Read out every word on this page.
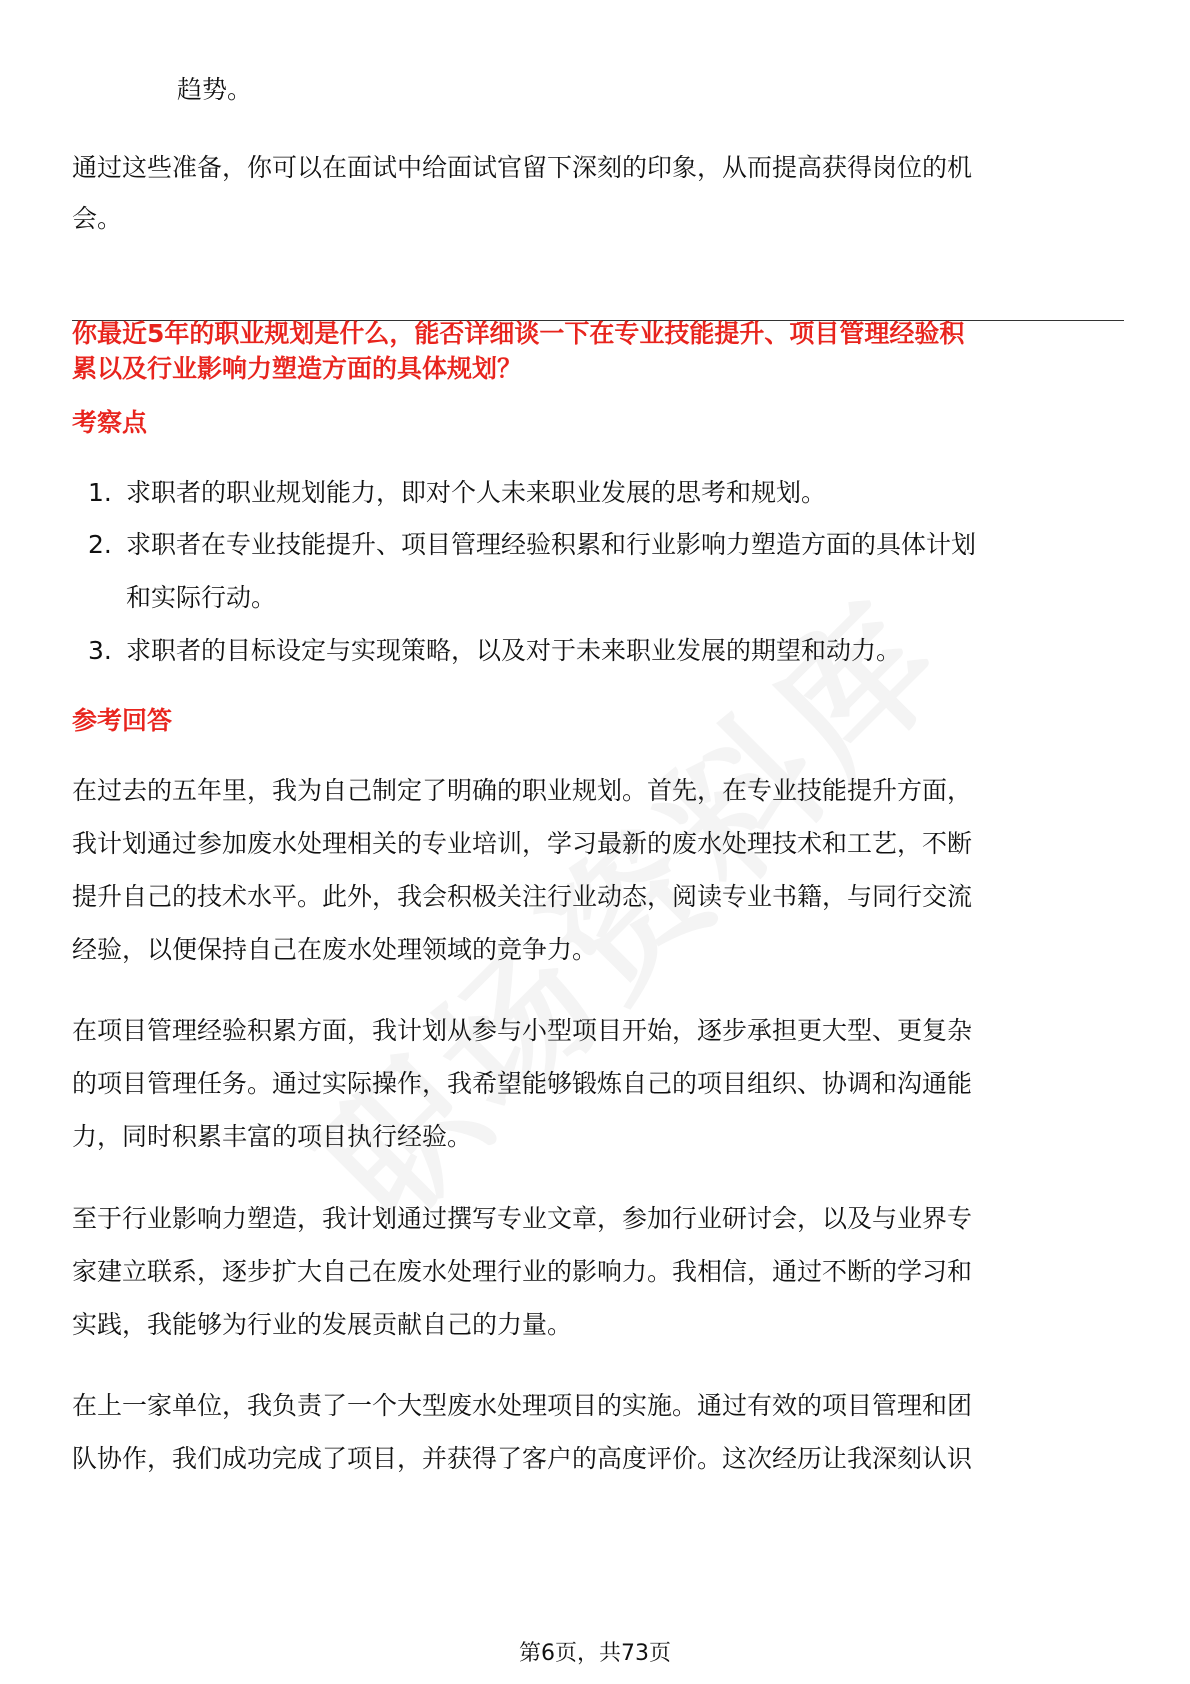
趋势。
通过这些准备，你可以在面试中给面试官留下深刻的印象，从而提高获得岗位的机
会。
你最近5年的职业规划是什么，能否详细谈一下在专业技能提升、项目管理经验积
累以及行业影响力塑造方面的具体规划？
考察点
1. 求职者的职业规划能力，即对个人未来职业发展的思考和规划。
2. 求职者在专业技能提升、项目管理经验积累和行业影响力塑造方面的具体计划
和实际行动。
3. 求职者的目标设定与实现策略，以及对于未来职业发展的期望和动力。
参考回答
在过去的五年里，我为自己制定了明确的职业规划。首先，在专业技能提升方面，
我计划通过参加废水处理相关的专业培训，学习最新的废水处理技术和工艺，不断
提升自己的技术水平。此外，我会积极关注行业动态，阅读专业书籍，与同行交流
经验，以便保持自己在废水处理领域的竞争力。
在项目管理经验积累方面，我计划从参与小型项目开始，逐步承担更大型、更复杂
的项目管理任务。通过实际操作，我希望能够锻炼自己的项目组织、协调和沟通能
力，同时积累丰富的项目执行经验。
至于行业影响力塑造，我计划通过撰写专业文章，参加行业研讨会，以及与业界专
家建立联系，逐步扩大自己在废水处理行业的影响力。我相信，通过不断的学习和
实践，我能够为行业的发展贡献自己的力量。
在上一家单位，我负责了一个大型废水处理项目的实施。通过有效的项目管理和团
队协作，我们成功完成了项目，并获得了客户的高度评价。这次经历让我深刻认识
第6页，共73页
